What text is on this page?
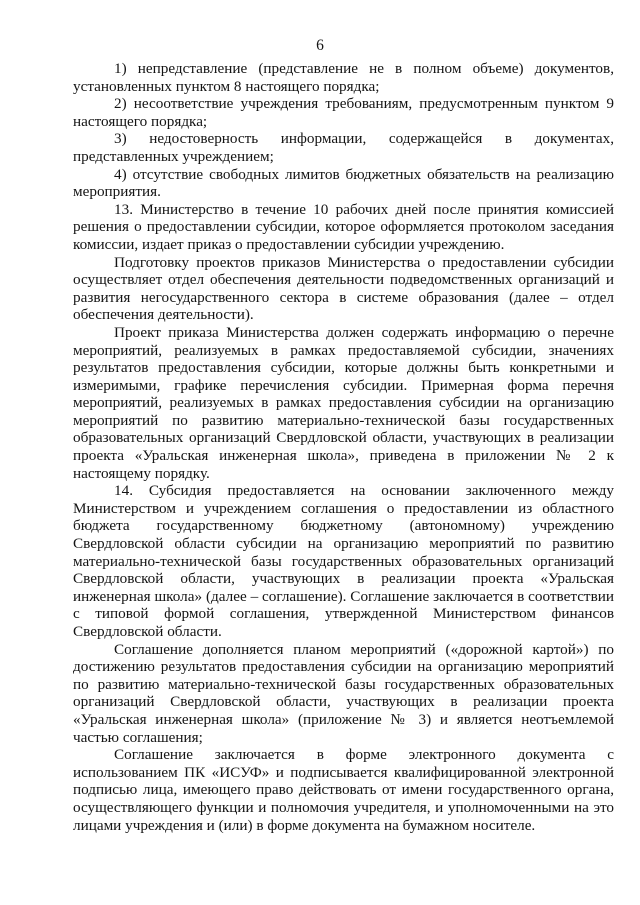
6

1) непредставление (представление не в полном объеме) документов, установленных пунктом 8 настоящего порядка;

2) несоответствие учреждения требованиям, предусмотренным пунктом 9 настоящего порядка;

3) недостоверность информации, содержащейся в документах, представленных учреждением;

4) отсутствие свободных лимитов бюджетных обязательств на реализацию мероприятия.

13. Министерство в течение 10 рабочих дней после принятия комиссией решения о предоставлении субсидии, которое оформляется протоколом заседания комиссии, издает приказ о предоставлении субсидии учреждению.

Подготовку проектов приказов Министерства о предоставлении субсидии осуществляет отдел обеспечения деятельности подведомственных организаций и развития негосударственного сектора в системе образования (далее – отдел обеспечения деятельности).

Проект приказа Министерства должен содержать информацию о перечне мероприятий, реализуемых в рамках предоставляемой субсидии, значениях результатов предоставления субсидии, которые должны быть конкретными и измеримыми, графике перечисления субсидии. Примерная форма перечня мероприятий, реализуемых в рамках предоставления субсидии на организацию мероприятий по развитию материально-технической базы государственных образовательных организаций Свердловской области, участвующих в реализации проекта «Уральская инженерная школа», приведена в приложении № 2 к настоящему порядку.

14. Субсидия предоставляется на основании заключенного между Министерством и учреждением соглашения о предоставлении из областного бюджета государственному бюджетному (автономному) учреждению Свердловской области субсидии на организацию мероприятий по развитию материально-технической базы государственных образовательных организаций Свердловской области, участвующих в реализации проекта «Уральская инженерная школа» (далее – соглашение). Соглашение заключается в соответствии с типовой формой соглашения, утвержденной Министерством финансов Свердловской области.

Соглашение дополняется планом мероприятий («дорожной картой») по достижению результатов предоставления субсидии на организацию мероприятий по развитию материально-технической базы государственных образовательных организаций Свердловской области, участвующих в реализации проекта «Уральская инженерная школа» (приложение № 3) и является неотъемлемой частью соглашения;

Соглашение заключается в форме электронного документа с использованием ПК «ИСУФ» и подписывается квалифицированной электронной подписью лица, имеющего право действовать от имени государственного органа, осуществляющего функции и полномочия учредителя, и уполномоченными на это лицами учреждения и (или) в форме документа на бумажном носителе.
